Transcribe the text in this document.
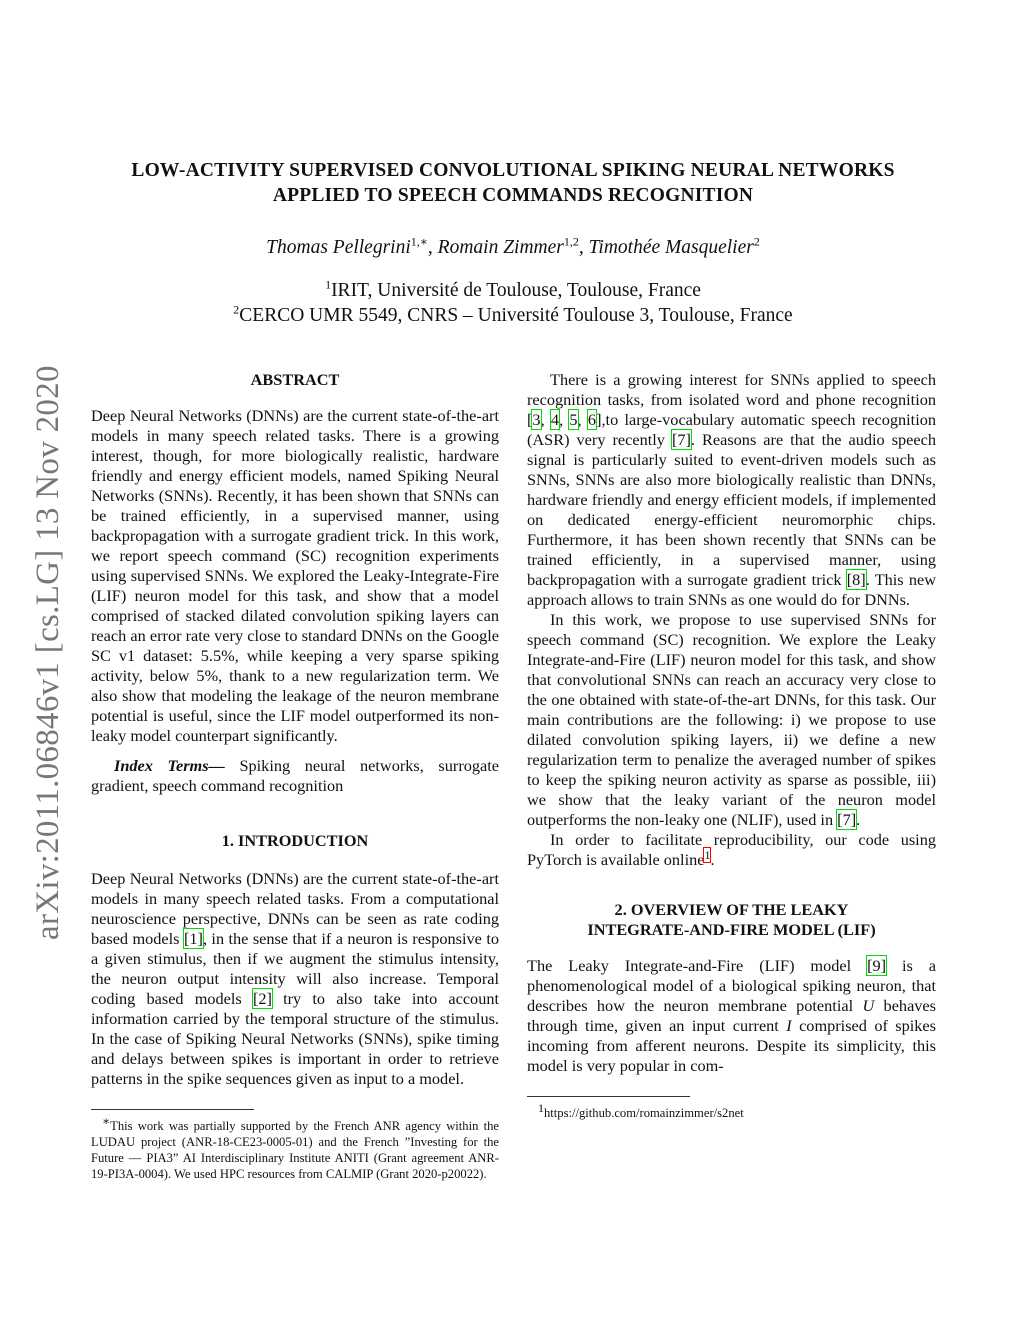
arXiv:2011.06846v1 [cs.LG] 13 Nov 2020
LOW-ACTIVITY SUPERVISED CONVOLUTIONAL SPIKING NEURAL NETWORKS
APPLIED TO SPEECH COMMANDS RECOGNITION
Thomas Pellegrini$^{1,∗}$, Romain Zimmer$^{1,2}$, Timothée Masquelier$^2$
$^1$IRIT, Université de Toulouse, Toulouse, France
$^2$CERCO UMR 5549, CNRS – Université Toulouse 3, Toulouse, France
ABSTRACT

Deep Neural Networks (DNNs) are the current state-of-the-art models in many speech related tasks. There is a growing interest, though, for more biologically realistic, hardware friendly and energy efficient models, named Spiking Neural Networks (SNNs). Recently, it has been shown that SNNs can be trained efficiently, in a supervised manner, using backpropagation with a surrogate gradient trick. In this work, we report speech command (SC) recognition experiments using supervised SNNs. We explored the Leaky-Integrate-Fire (LIF) neuron model for this task, and show that a model comprised of stacked dilated convolution spiking layers can reach an error rate very close to standard DNNs on the Google SC v1 dataset: 5.5%, while keeping a very sparse spiking activity, below 5%, thank to a new regularization term. We also show that modeling the leakage of the neuron membrane potential is useful, since the LIF model outperformed its non-leaky model counterpart significantly.

Index Terms— Spiking neural networks, surrogate gradient, speech command recognition

1. INTRODUCTION

Deep Neural Networks (DNNs) are the current state-of-the-art models in many speech related tasks. From a computational neuroscience perspective, DNNs can be seen as rate coding based models [1], in the sense that if a neuron is responsive to a given stimulus, then if we augment the stimulus intensity, the neuron output intensity will also increase. Temporal coding based models [2] try to also take into account information carried by the temporal structure of the stimulus. In the case of Spiking Neural Networks (SNNs), spike timing and delays between spikes is important in order to retrieve patterns in the spike sequences given as input to a model.

∗This work was partially supported by the French ANR agency within the LUDAU project (ANR-18-CE23-0005-01) and the French ”Investing for the Future — PIA3” AI Interdisciplinary Institute ANITI (Grant agreement ANR-19-PI3A-0004). We used HPC resources from CALMIP (Grant 2020-p20022).

There is a growing interest for SNNs applied to speech recognition tasks, from isolated word and phone recognition [3, 4, 5, 6],to large-vocabulary automatic speech recognition (ASR) very recently [7]. Reasons are that the audio speech signal is particularly suited to event-driven models such as SNNs, SNNs are also more biologically realistic than DNNs, hardware friendly and energy efficient models, if implemented on dedicated energy-efficient neuromorphic chips. Furthermore, it has been shown recently that SNNs can be trained efficiently, in a supervised manner, using backpropagation with a surrogate gradient trick [8]. This new approach allows to train SNNs as one would do for DNNs.

In this work, we propose to use supervised SNNs for speech command (SC) recognition. We explore the Leaky Integrate-and-Fire (LIF) neuron model for this task, and show that convolutional SNNs can reach an accuracy very close to the one obtained with state-of-the-art DNNs, for this task. Our main contributions are the following: i) we propose to use dilated convolution spiking layers, ii) we define a new regularization term to penalize the averaged number of spikes to keep the spiking neuron activity as sparse as possible, iii) we show that the leaky variant of the neuron model outperforms the non-leaky one (NLIF), used in [7].

In order to facilitate reproducibility, our code using PyTorch is available online$^1$.

2. OVERVIEW OF THE LEAKY
INTEGRATE-AND-FIRE MODEL (LIF)

The Leaky Integrate-and-Fire (LIF) model [9] is a phenomenological model of a biological spiking neuron, that describes how the neuron membrane potential U behaves through time, given an input current I comprised of spikes incoming from afferent neurons. Despite its simplicity, this model is very popular in com-

$^1$https://github.com/romainzimmer/s2net
